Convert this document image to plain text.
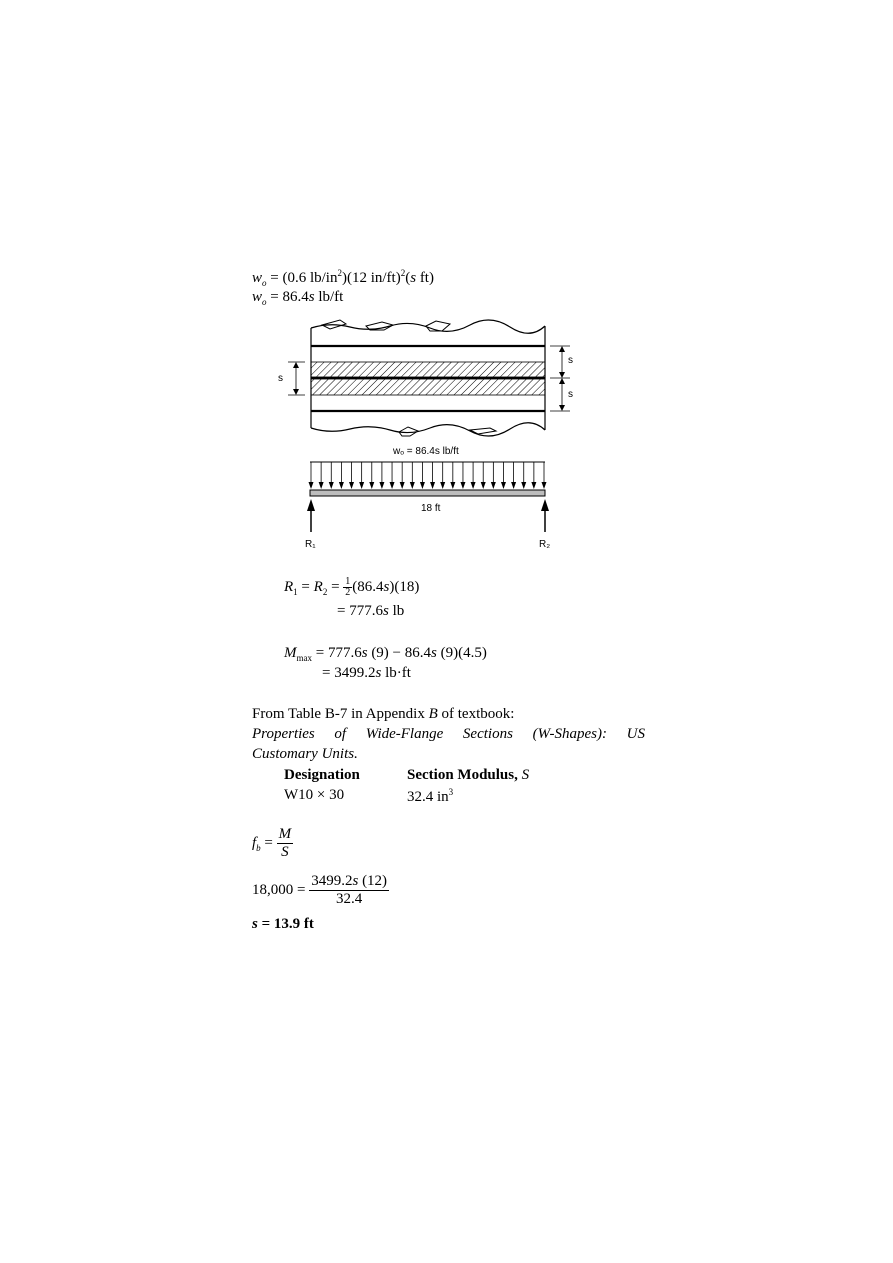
$w_o = (0.6$ $lb/in^2)(12$ in/ft)$^2$(s ft)
$w_o = 86.4s$ lb/ft
s
s
s
wₒ = 86.4s lb/ft
18 ft
R₁	R₂
$R_1 = R_2 = \frac{1}{2} (86.4s)(18)$
= 777.6s lb
$M_{max} = 777.6s$ (9) − 86.4s (9)(4.5)
= 3499.2s lb·ft
From Table B-7 in Appendix B of textbook:
Properties of Wide-Flange Sections (W-Shapes): US
Customary Units.
Designation	Section Modulus, S
W10 × 30	32.4 $in^3$
$f_b = \frac{M}{S}$
$18,000 = \frac{3499.2s (12)}{32.4}$
s = 13.9 ft
